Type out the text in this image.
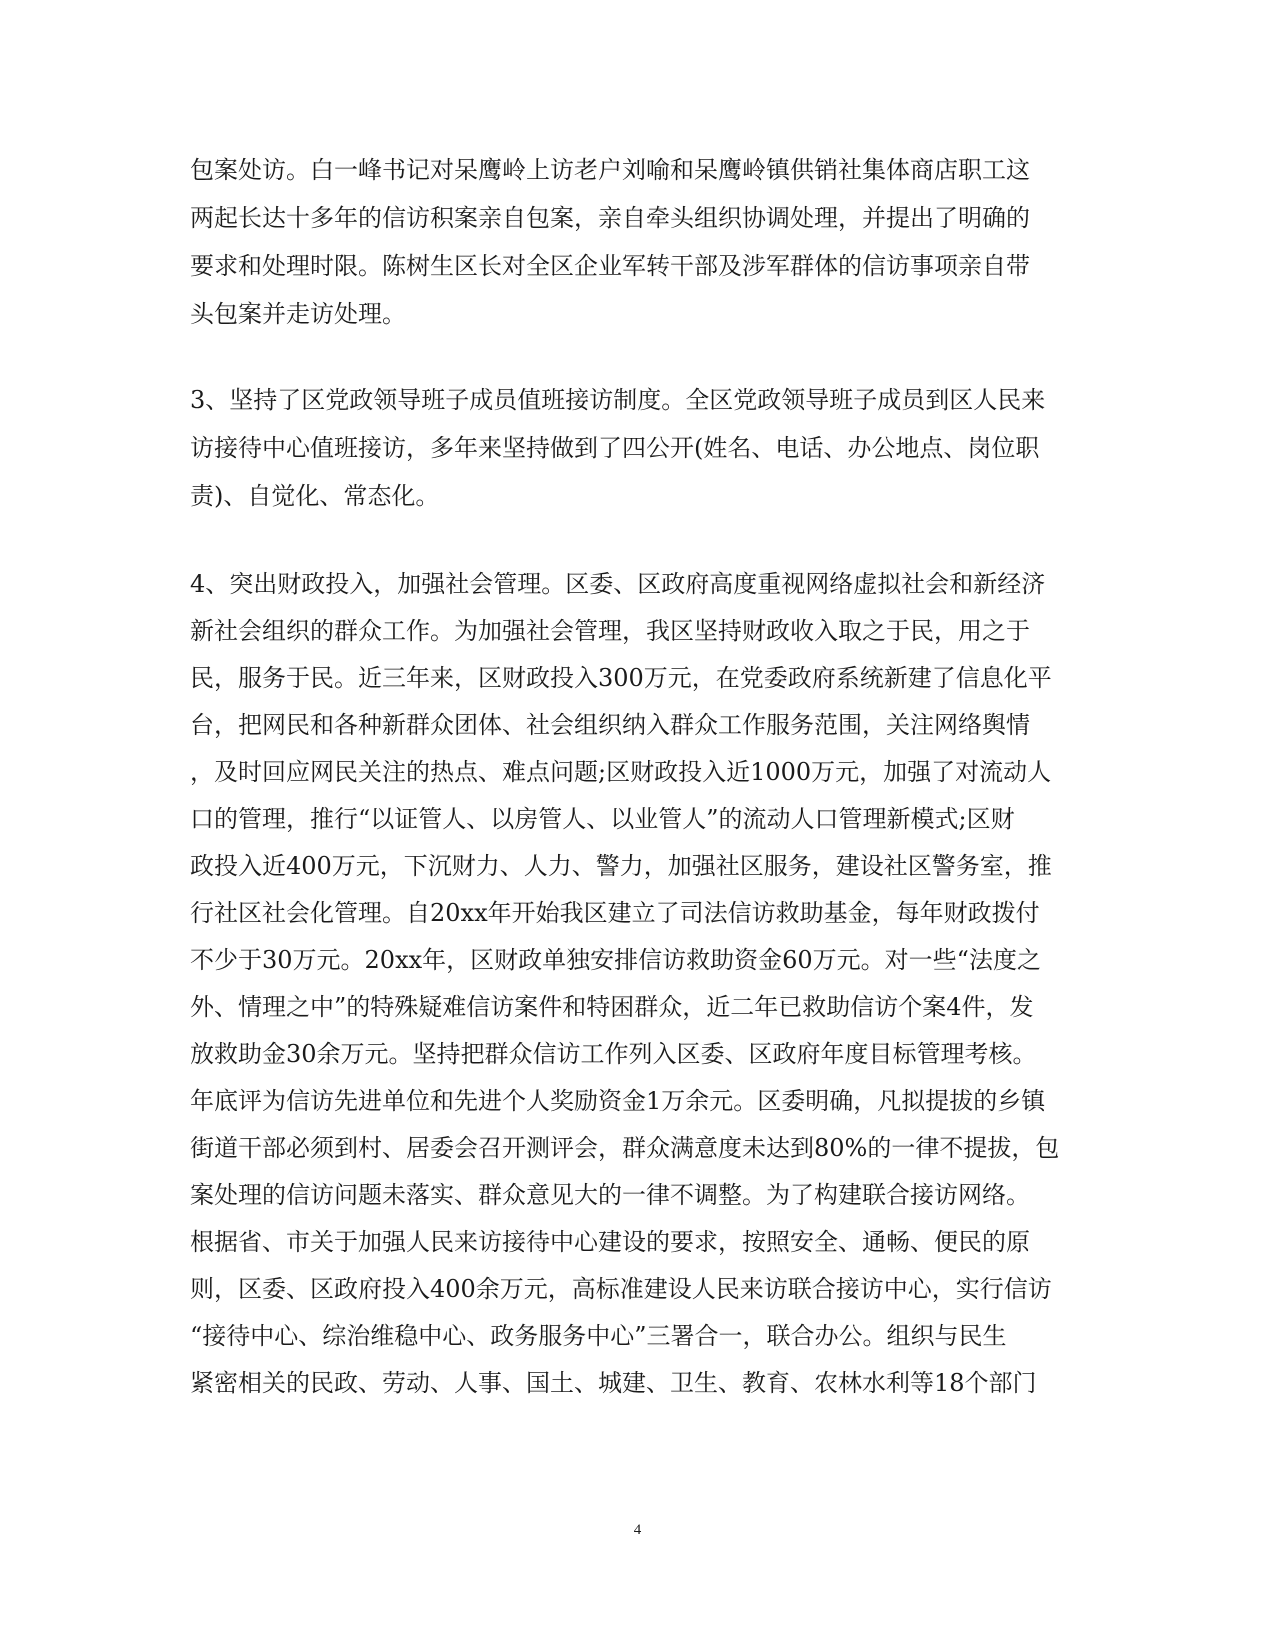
包案处访。白一峰书记对呆鹰岭上访老户刘喻和呆鹰岭镇供销社集体商店职工这
两起长达十多年的信访积案亲自包案，亲自牵头组织协调处理，并提出了明确的
要求和处理时限。陈树生区长对全区企业军转干部及涉军群体的信访事项亲自带
头包案并走访处理。
3、坚持了区党政领导班子成员值班接访制度。全区党政领导班子成员到区人民来
访接待中心值班接访，多年来坚持做到了四公开(姓名、电话、办公地点、岗位职
责)、自觉化、常态化。
4、突出财政投入，加强社会管理。区委、区政府高度重视网络虚拟社会和新经济
新社会组织的群众工作。为加强社会管理，我区坚持财政收入取之于民，用之于
民，服务于民。近三年来，区财政投入300万元，在党委政府系统新建了信息化平
台，把网民和各种新群众团体、社会组织纳入群众工作服务范围，关注网络舆情
，及时回应网民关注的热点、难点问题;区财政投入近1000万元，加强了对流动人
口的管理，推行“以证管人、以房管人、以业管人”的流动人口管理新模式;区财
政投入近400万元，下沉财力、人力、警力，加强社区服务，建设社区警务室，推
行社区社会化管理。自20xx年开始我区建立了司法信访救助基金，每年财政拨付
不少于30万元。20xx年，区财政单独安排信访救助资金60万元。对一些“法度之
外、情理之中”的特殊疑难信访案件和特困群众，近二年已救助信访个案4件，发
放救助金30余万元。坚持把群众信访工作列入区委、区政府年度目标管理考核。
年底评为信访先进单位和先进个人奖励资金1万余元。区委明确，凡拟提拔的乡镇
街道干部必须到村、居委会召开测评会，群众满意度未达到80%的一律不提拔，包
案处理的信访问题未落实、群众意见大的一律不调整。为了构建联合接访网络。
根据省、市关于加强人民来访接待中心建设的要求，按照安全、通畅、便民的原
则，区委、区政府投入400余万元，高标准建设人民来访联合接访中心，实行信访
“接待中心、综治维稳中心、政务服务中心”三署合一，联合办公。组织与民生
紧密相关的民政、劳动、人事、国土、城建、卫生、教育、农林水利等18个部门
4
